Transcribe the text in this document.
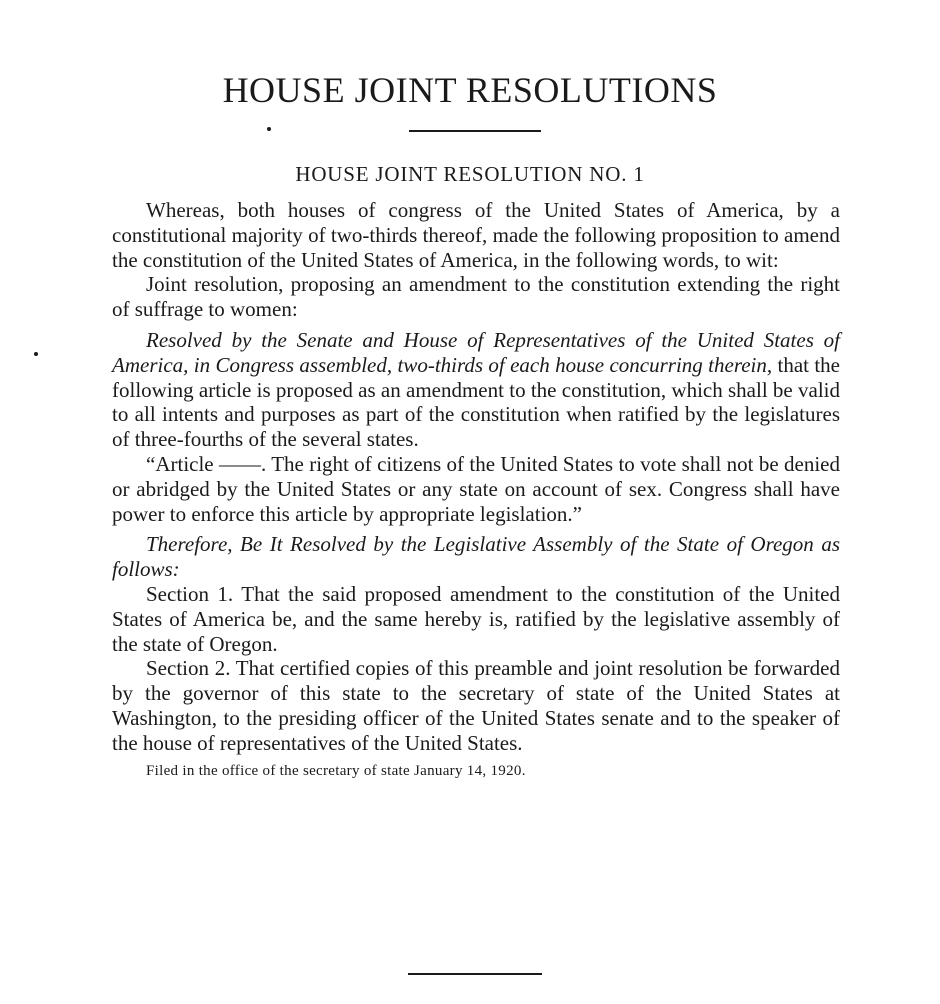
HOUSE JOINT RESOLUTIONS
HOUSE JOINT RESOLUTION NO. 1

Whereas, both houses of congress of the United States of America, by a constitutional majority of two-thirds thereof, made the following proposition to amend the constitution of the United States of America, in the following words, to wit:

Joint resolution, proposing an amendment to the constitution extending the right of suffrage to women:

Resolved by the Senate and House of Representatives of the United States of America, in Congress assembled, two-thirds of each house concurring therein, that the following article is proposed as an amendment to the constitution, which shall be valid to all intents and purposes as part of the constitution when ratified by the legislatures of three-fourths of the several states.

“Article ——. The right of citizens of the United States to vote shall not be denied or abridged by the United States or any state on account of sex. Congress shall have power to enforce this article by appropriate legislation.”

Therefore, Be It Resolved by the Legislative Assembly of the State of Oregon as follows:

Section 1. That the said proposed amendment to the constitution of the United States of America be, and the same hereby is, ratified by the legislative assembly of the state of Oregon.

Section 2. That certified copies of this preamble and joint resolution be forwarded by the governor of this state to the secretary of state of the United States at Washington, to the presiding officer of the United States senate and to the speaker of the house of representatives of the United States.

Filed in the office of the secretary of state January 14, 1920.
